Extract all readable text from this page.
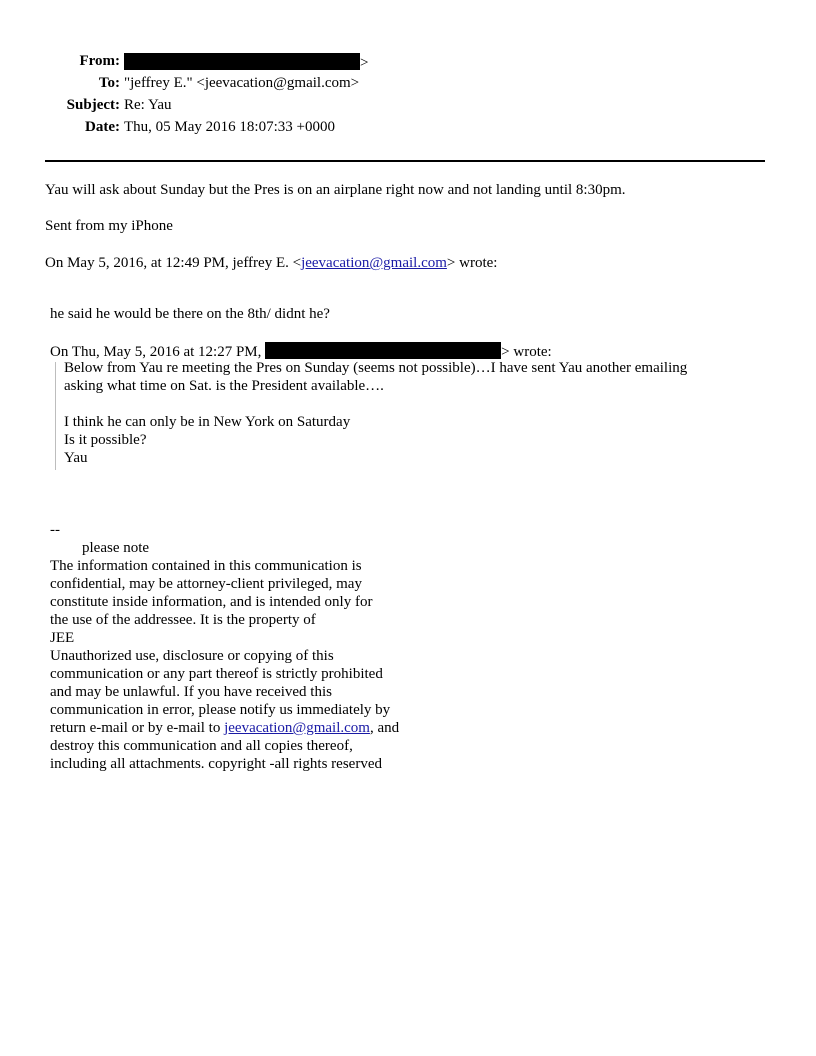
From:	>
To: "jeffrey E." <jeevacation@gmail.com>
Subject: Re: Yau
Date: Thu, 05 May 2016 18:07:33 +0000
Yau will ask about Sunday but the Pres is on an airplane right now and not landing until 8:30pm.
Sent from my iPhone
On May 5, 2016, at 12:49 PM, jeffrey E. <jeevacation@gmail.com> wrote:
he said he would be there on the 8th/ didnt he?
On Thu, May 5, 2016 at 12:27 PM,	> wrote:
Below from Yau re meeting the Pres on Sunday (seems not possible)…I have sent Yau another emailing
asking what time on Sat. is the President available….
I think he can only be in New York on Saturday
Is it possible?
Yau
--
please note
The information contained in this communication is
confidential, may be attorney-client privileged, may
constitute inside information, and is intended only for
the use of the addressee. It is the property of
JEE
Unauthorized use, disclosure or copying of this
communication or any part thereof is strictly prohibited
and may be unlawful. If you have received this
communication in error, please notify us immediately by
return e-mail or by e-mail to jeevacation@gmail.com, and
destroy this communication and all copies thereof,
including all attachments. copyright -all rights reserved
